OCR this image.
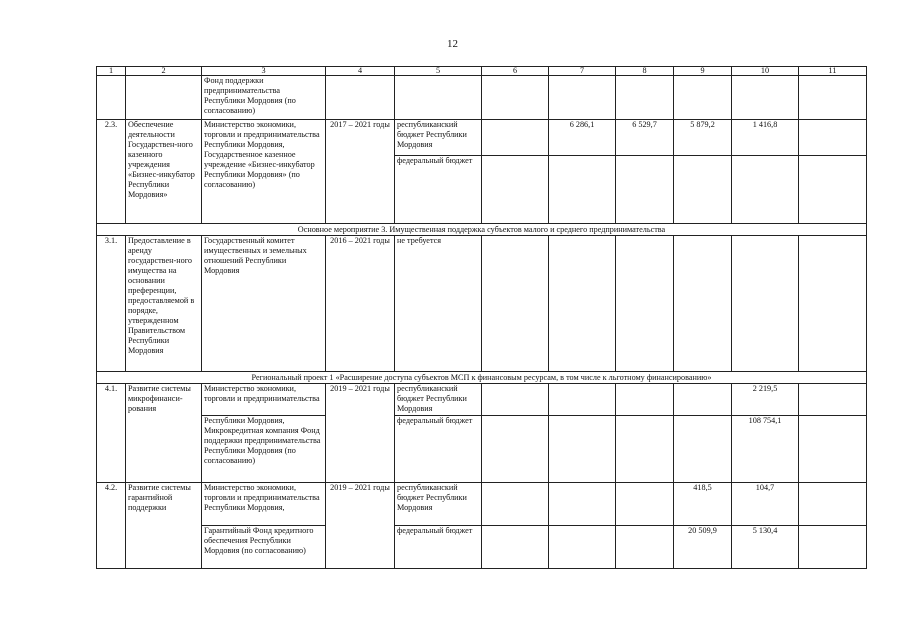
12
1	2	3	4	5	6	7	8	9	10	11
		Фонд поддержки предпринимательства Республики Мордовия (по согласованию)								
2.3.	Обеспечение деятельности Государствен-ного казенного учреждения «Бизнес-инкубатор Республики Мордовия»	Министерство экономики, торговли и предпринимательства Республики Мордовия, Государственное казенное учреждение «Бизнес-инкубатор Республики Мордовия» (по согласованию)	2017 – 2021 годы	республиканский бюджет Республики Мордовия		6 286,1	6 529,7	5 879,2	1 416,8	
				федеральный бюджет						
Основное мероприятие 3. Имущественная поддержка субъектов малого и среднего предпринимательства										
3.1.	Предоставление в аренду государствен-ного имущества на основании преференции, предоставляемой в порядке, утвержденном Правительством Республики Мордовия	Государственный комитет имущественных и земельных отношений Республики Мордовия	2016 – 2021 годы	не требуется						
Региональный проект 1 «Расширение доступа субъектов МСП к финансовым ресурсам, в том числе к льготному финансированию»										
4.1.	Развитие системы микрофинанси-рования	Министерство экономики, торговли и предпринимательства	2019 – 2021 годы	республиканский бюджет Республики Мордовия					2 219,5	
		Республики Мордовия, Микрокредитная компания Фонд поддержки предпринимательства Республики Мордовия (по согласованию)		федеральный бюджет					108 754,1	
4.2.	Развитие системы гарантийной поддержки	Министерство экономики, торговли и предпринимательства Республики Мордовия,	2019 – 2021 годы	республиканский бюджет Республики Мордовия				418,5	104,7	
		Гарантийный Фонд кредитного обеспечения Республики Мордовия (по согласованию)		федеральный бюджет				20 509,9	5 130,4	
